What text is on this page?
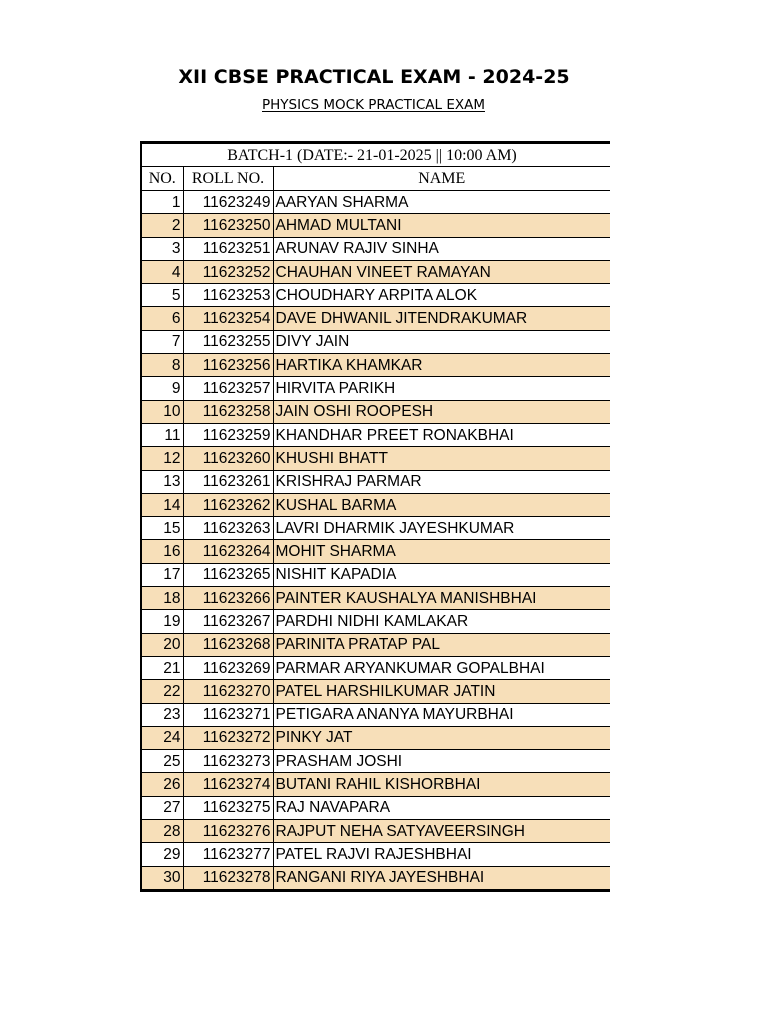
XII CBSE PRACTICAL EXAM - 2024-25
PHYSICS MOCK PRACTICAL EXAM
BATCH-1 (DATE:- 21-01-2025 || 10:00 AM)
NO.	ROLL NO.	NAME
1	11623249	AARYAN SHARMA
2	11623250	AHMAD MULTANI
3	11623251	ARUNAV RAJIV SINHA
4	11623252	CHAUHAN VINEET RAMAYAN
5	11623253	CHOUDHARY ARPITA ALOK
6	11623254	DAVE DHWANIL JITENDRAKUMAR
7	11623255	DIVY JAIN
8	11623256	HARTIKA KHAMKAR
9	11623257	HIRVITA PARIKH
10	11623258	JAIN OSHI ROOPESH
11	11623259	KHANDHAR PREET RONAKBHAI
12	11623260	KHUSHI BHATT
13	11623261	KRISHRAJ PARMAR
14	11623262	KUSHAL BARMA
15	11623263	LAVRI DHARMIK JAYESHKUMAR
16	11623264	MOHIT SHARMA
17	11623265	NISHIT KAPADIA
18	11623266	PAINTER KAUSHALYA MANISHBHAI
19	11623267	PARDHI NIDHI KAMLAKAR
20	11623268	PARINITA PRATAP PAL
21	11623269	PARMAR ARYANKUMAR GOPALBHAI
22	11623270	PATEL HARSHILKUMAR JATIN
23	11623271	PETIGARA ANANYA MAYURBHAI
24	11623272	PINKY JAT
25	11623273	PRASHAM JOSHI
26	11623274	BUTANI RAHIL KISHORBHAI
27	11623275	RAJ NAVAPARA
28	11623276	RAJPUT NEHA SATYAVEERSINGH
29	11623277	PATEL RAJVI RAJESHBHAI
30	11623278	RANGANI RIYA JAYESHBHAI
